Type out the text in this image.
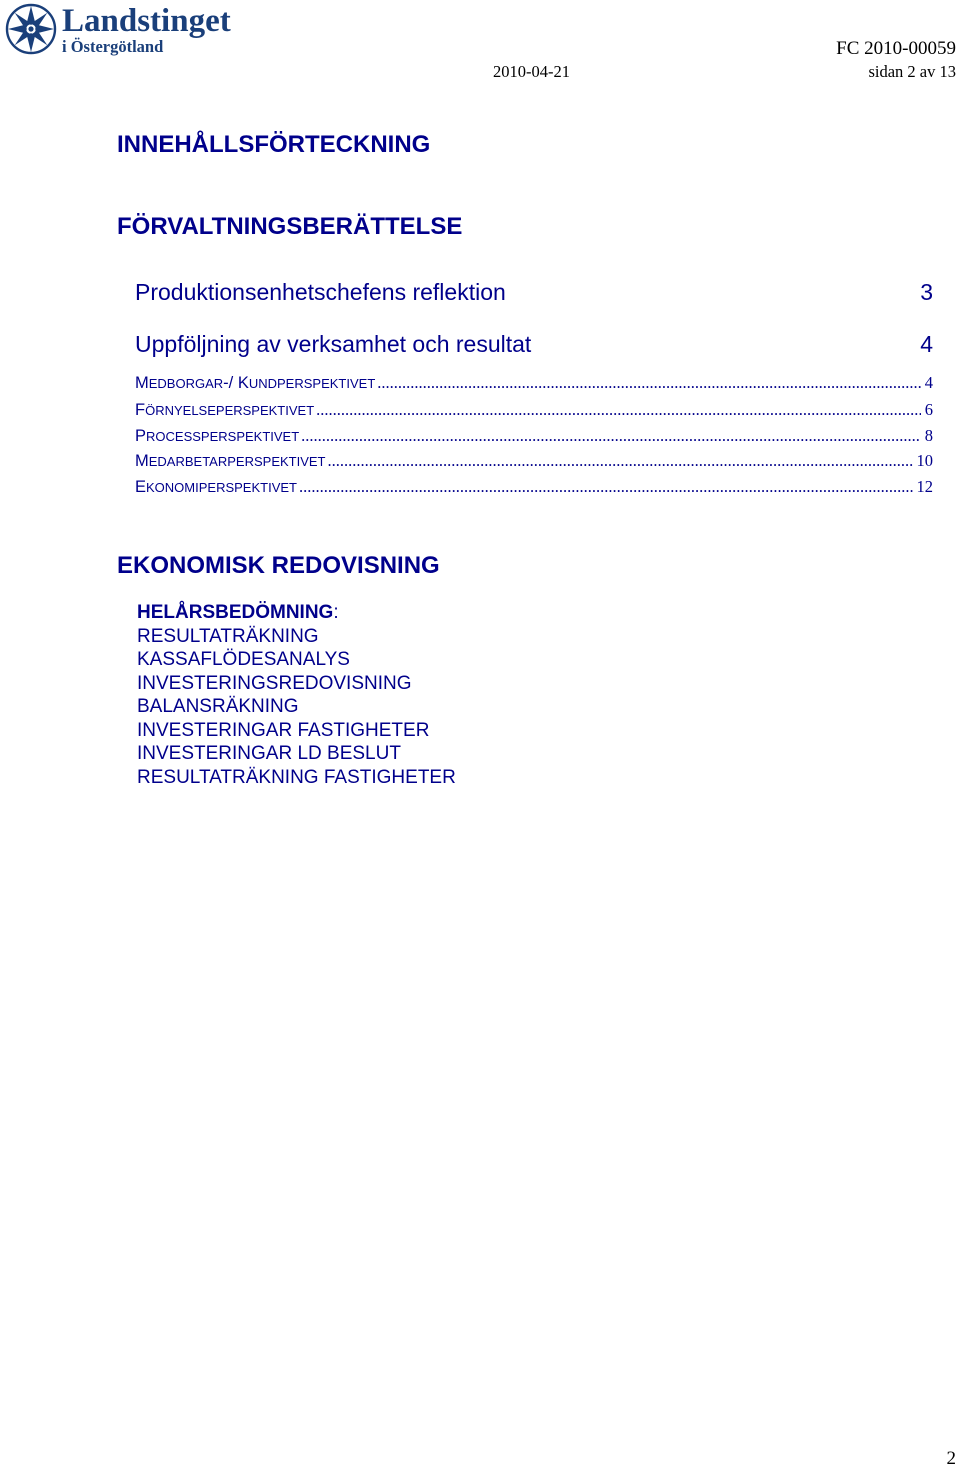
Landstinget
i Östergötland	FC 2010-00059
2010-04-21	sidan 2 av 13
INNEHÅLLSFÖRTECKNING
FÖRVALTNINGSBERÄTTELSE
Produktionsenhetschefens reflektion	3
Uppföljning av verksamhet och resultat	4
MEDBORGAR-/ KUNDPERSPEKTIVET .....	4
FÖRNYELSEPERSPEKTIVET .....	6
PROCESSPERSPEKTIVET .....	8
MEDARBETARPERSPEKTIVET .....	10
EKONOMIPERSPEKTIVET .....	12
EKONOMISK REDOVISNING
HELÅRSBEDÖMNING:
RESULTATRÄKNING
KASSAFLÖDESANALYS
INVESTERINGSREDOVISNING
BALANSRÄKNING
INVESTERINGAR FASTIGHETER
INVESTERINGAR LD BESLUT
RESULTATRÄKNING FASTIGHETER
2
